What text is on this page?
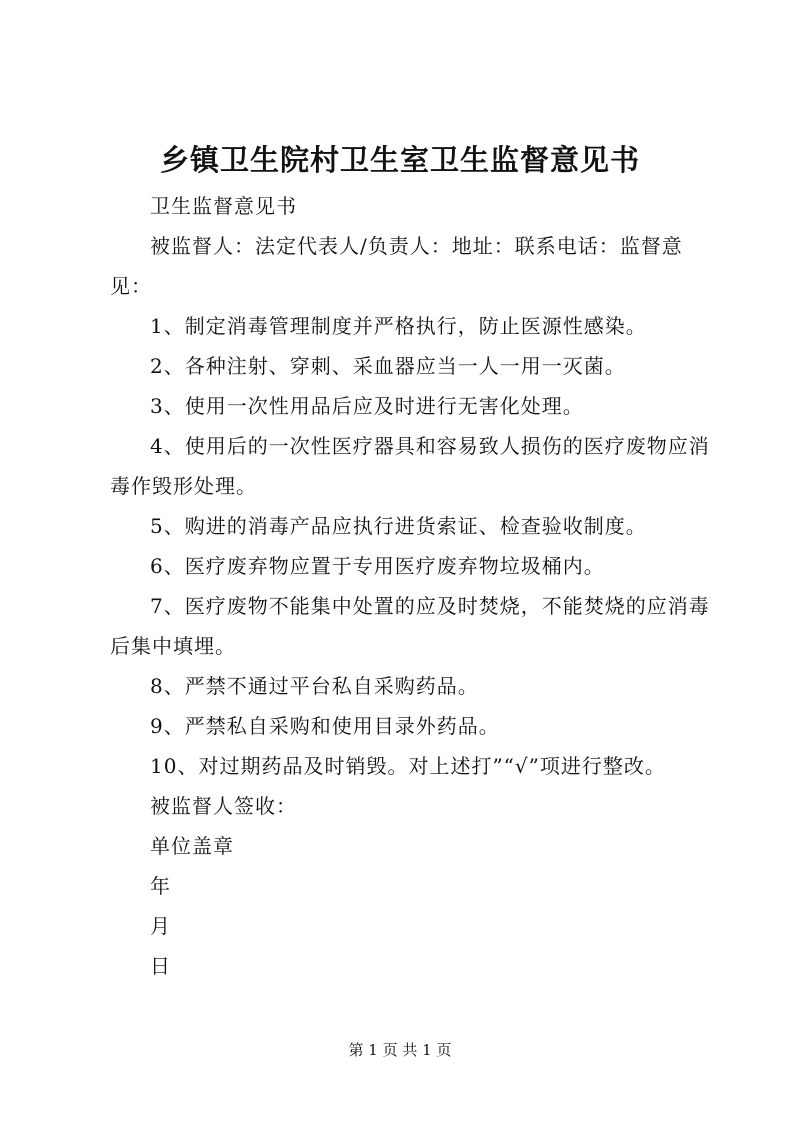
乡镇卫生院村卫生室卫生监督意见书

卫生监督意见书

被监督人：法定代表人/负责人：地址：联系电话：监督意见：

1、制定消毒管理制度并严格执行，防止医源性感染。

2、各种注射、穿刺、采血器应当一人一用一灭菌。

3、使用一次性用品后应及时进行无害化处理。

4、使用后的一次性医疗器具和容易致人损伤的医疗废物应消毒作毁形处理。

5、购进的消毒产品应执行进货索证、检查验收制度。

6、医疗废弃物应置于专用医疗废弃物垃圾桶内。

7、医疗废物不能集中处置的应及时焚烧，不能焚烧的应消毒后集中填埋。

8、严禁不通过平台私自采购药品。

9、严禁私自采购和使用目录外药品。

10、对过期药品及时销毁。对上述打”“√”项进行整改。

被监督人签收：

单位盖章

年

月

日

第 1 页 共 1 页
